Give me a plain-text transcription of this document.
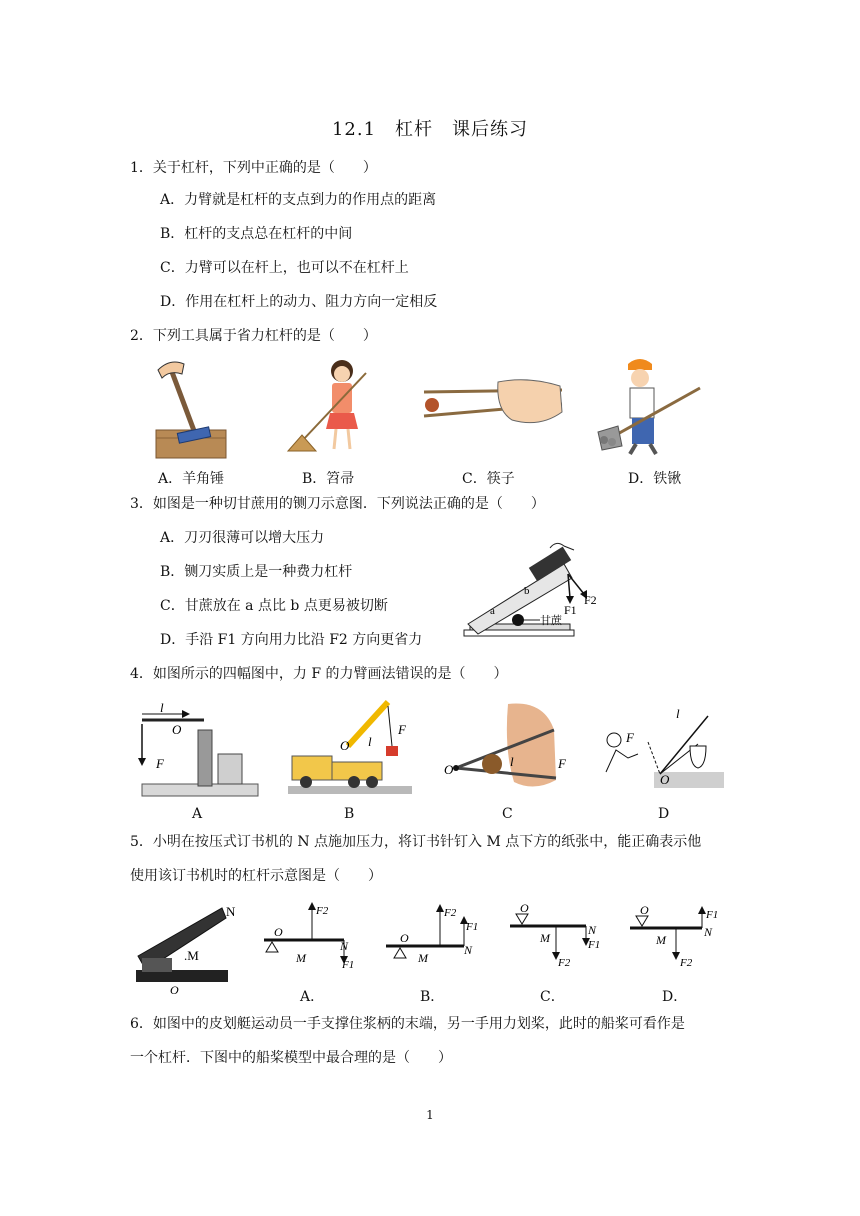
12.1　杠杆　课后练习
1．关于杠杆，下列中正确的是（　　）
A．力臂就是杠杆的支点到力的作用点的距离
B．杠杆的支点总在杠杆的中间
C．力臂可以在杆上，也可以不在杠杆上
D．作用在杠杆上的动力、阻力方向一定相反
2．下列工具属于省力杠杆的是（　　）
A．羊角锤	B．笤帚	C．筷子	D．铁锹
3．如图是一种切甘蔗用的铡刀示意图．下列说法正确的是（　　）
A．刀刃很薄可以增大压力
B．铡刀实质上是一种费力杠杆
C．甘蔗放在 a 点比 b 点更易被切断
D．手沿 F1 方向用力比沿 F2 方向更省力
a
b
甘蔗
F1
F2
4．如图所示的四幅图中，力 F 的力臂画法错误的是（　　）
l
O
F
O l
F
O
l	F
F
O
l
A	B	C	D
5．小明在按压式订书机的 N 点施加压力，将订书针钉入 M 点下方的纸张中，能正确表示他
使用该订书机时的杠杆示意图是（　　）
N
.M
O
O
M
F2
N
F1
O
M
F2
F1
N
O
M
F2
N
F1
O
M
F2
F1
N
A．	B．	C．	D．
6．如图中的皮划艇运动员一手支撑住浆柄的末端，另一手用力划桨，此时的船桨可看作是
一个杠杆．下图中的船桨模型中最合理的是（　　）
1
